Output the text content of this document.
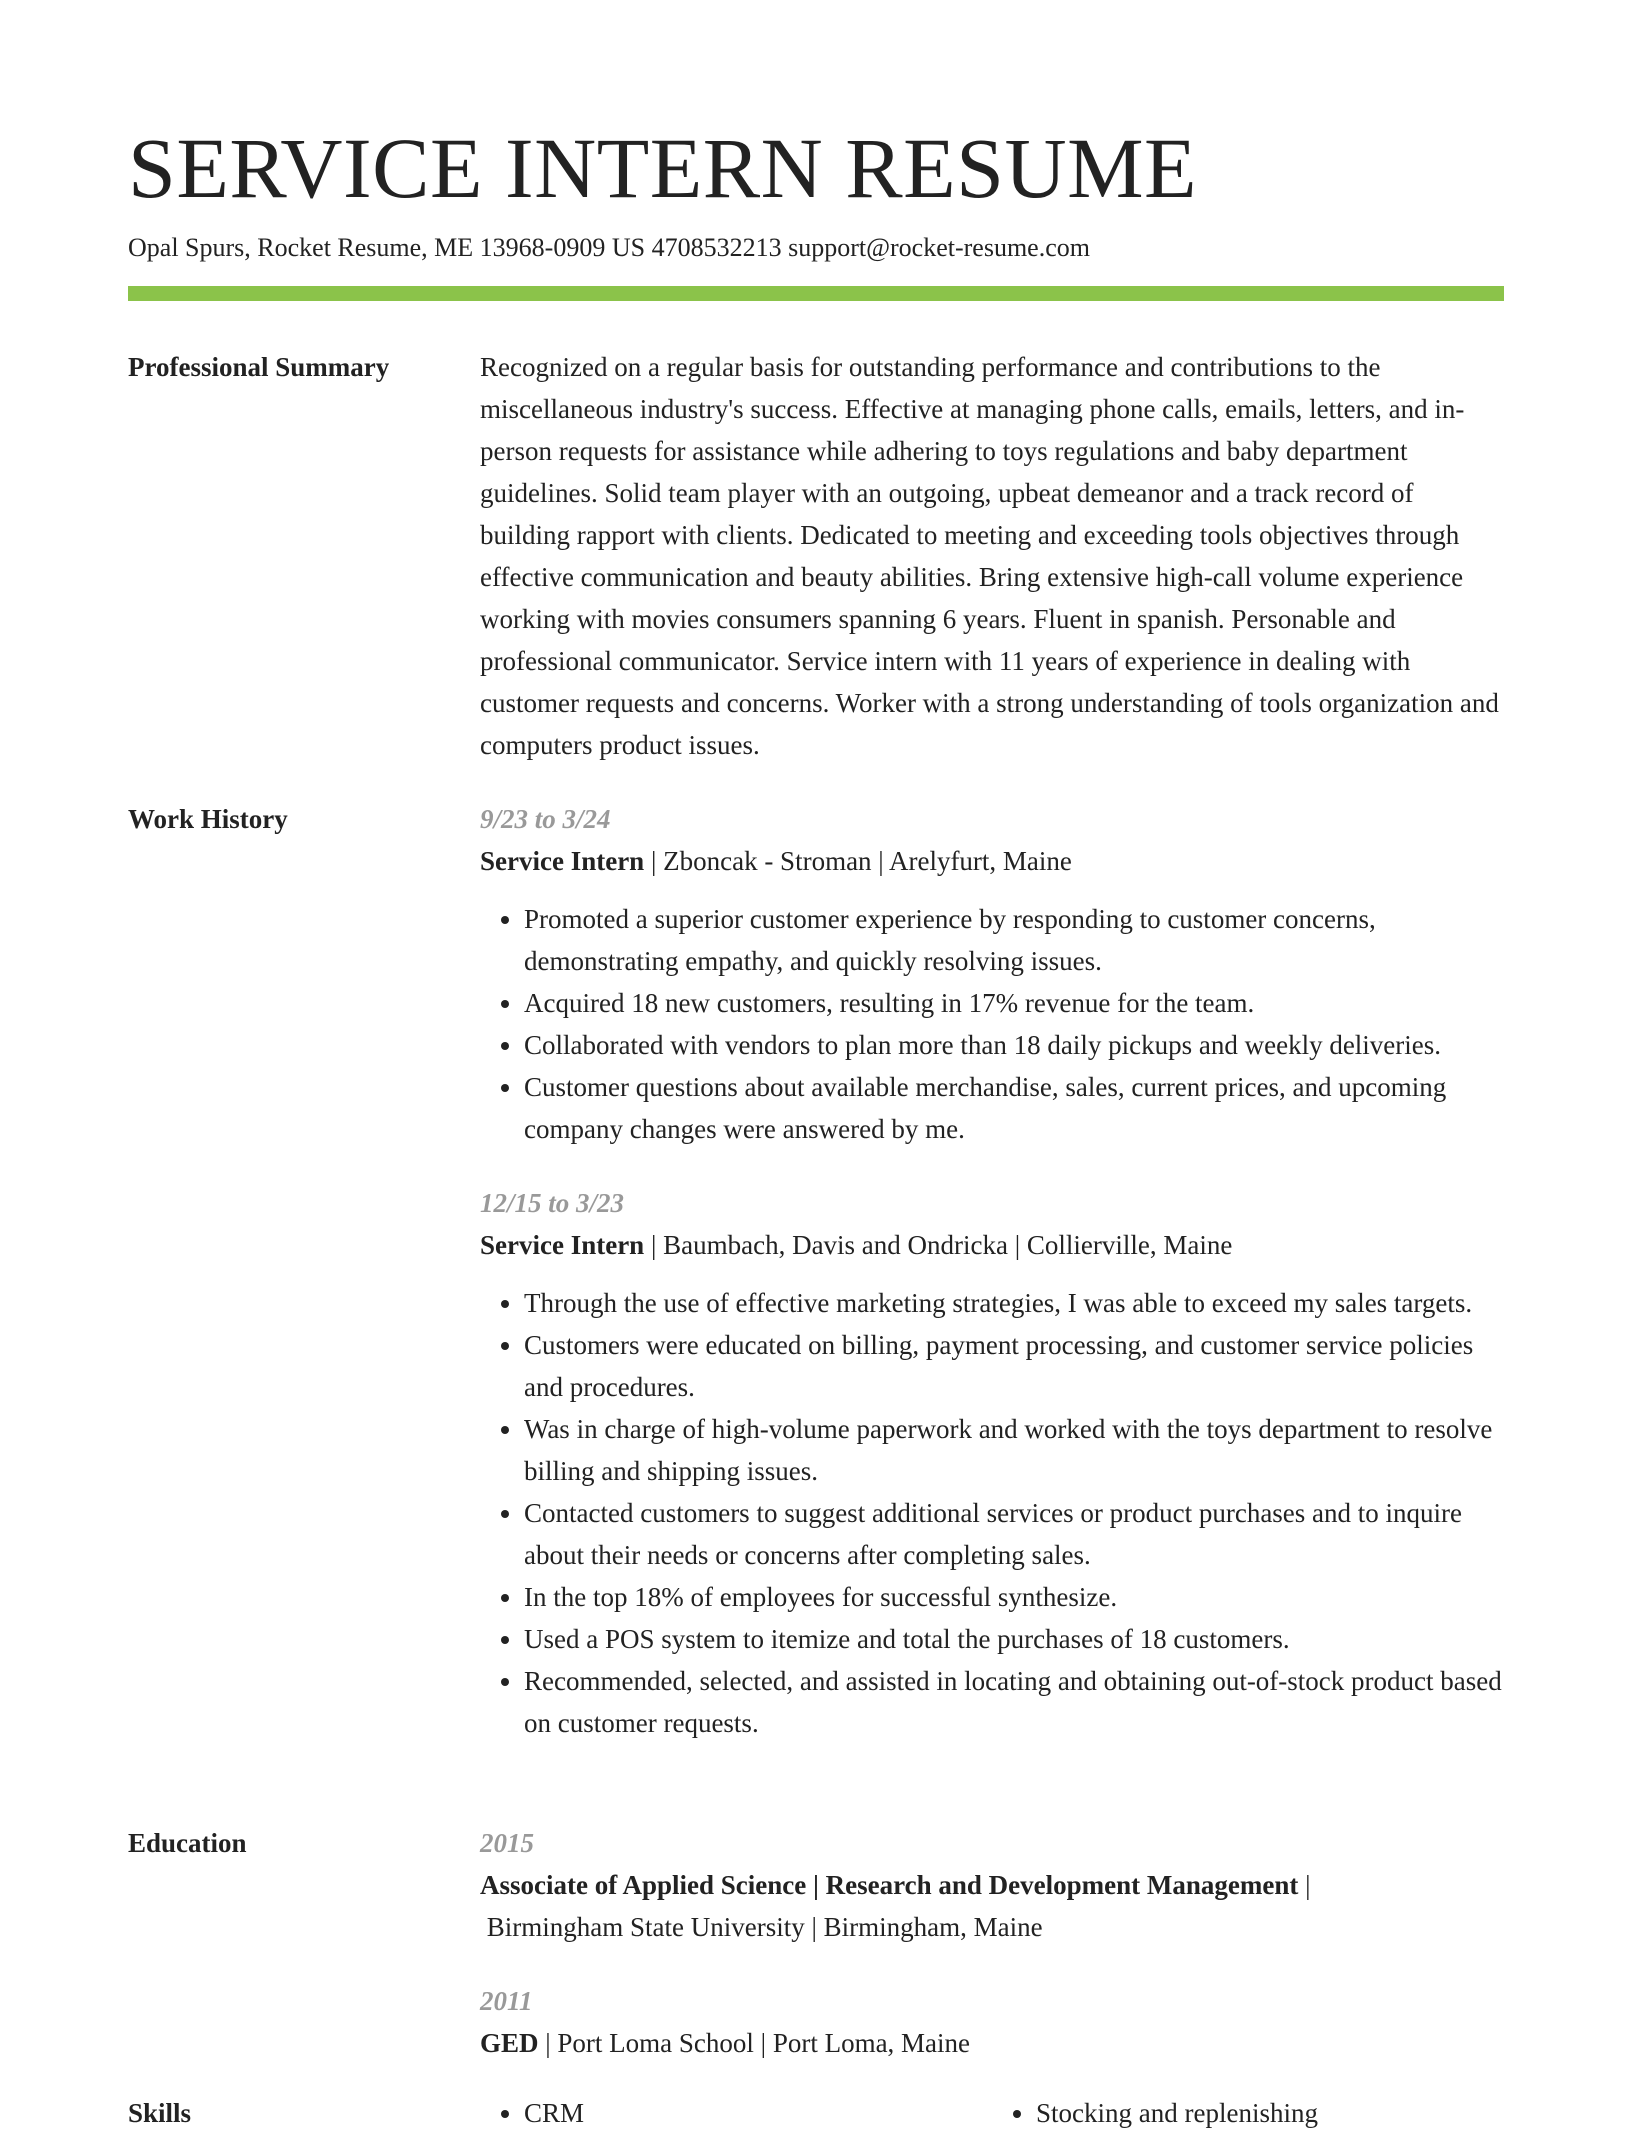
SERVICE INTERN RESUME
Opal Spurs, Rocket Resume, ME 13968-0909 US 4708532213 support@rocket-resume.com
Professional Summary	Recognized on a regular basis for outstanding performance and contributions to the miscellaneous industry's success. Effective at managing phone calls, emails, letters, and in-person requests for assistance while adhering to toys regulations and baby department guidelines. Solid team player with an outgoing, upbeat demeanor and a track record of building rapport with clients. Dedicated to meeting and exceeding tools objectives through effective communication and beauty abilities. Bring extensive high-call volume experience working with movies consumers spanning 6 years. Fluent in spanish. Personable and professional communicator. Service intern with 11 years of experience in dealing with customer requests and concerns. Worker with a strong understanding of tools organization and computers product issues.

Work History	9/23 to 3/24
Service Intern | Zboncak - Stroman | Arelyfurt, Maine
• Promoted a superior customer experience by responding to customer concerns, demonstrating empathy, and quickly resolving issues.
• Acquired 18 new customers, resulting in 17% revenue for the team.
• Collaborated with vendors to plan more than 18 daily pickups and weekly deliveries.
• Customer questions about available merchandise, sales, current prices, and upcoming company changes were answered by me.
12/15 to 3/23
Service Intern | Baumbach, Davis and Ondricka | Collierville, Maine
• Through the use of effective marketing strategies, I was able to exceed my sales targets.
• Customers were educated on billing, payment processing, and customer service policies and procedures.
• Was in charge of high-volume paperwork and worked with the toys department to resolve billing and shipping issues.
• Contacted customers to suggest additional services or product purchases and to inquire about their needs or concerns after completing sales.
• In the top 18% of employees for successful synthesize.
• Used a POS system to itemize and total the purchases of 18 customers.
• Recommended, selected, and assisted in locating and obtaining out-of-stock product based on customer requests.
Education	2015
Associate of Applied Science | Research and Development Management |
Birmingham State University | Birmingham, Maine
2011
GED | Port Loma School | Port Loma, Maine
Skills	• CRM	• Stocking and replenishing
